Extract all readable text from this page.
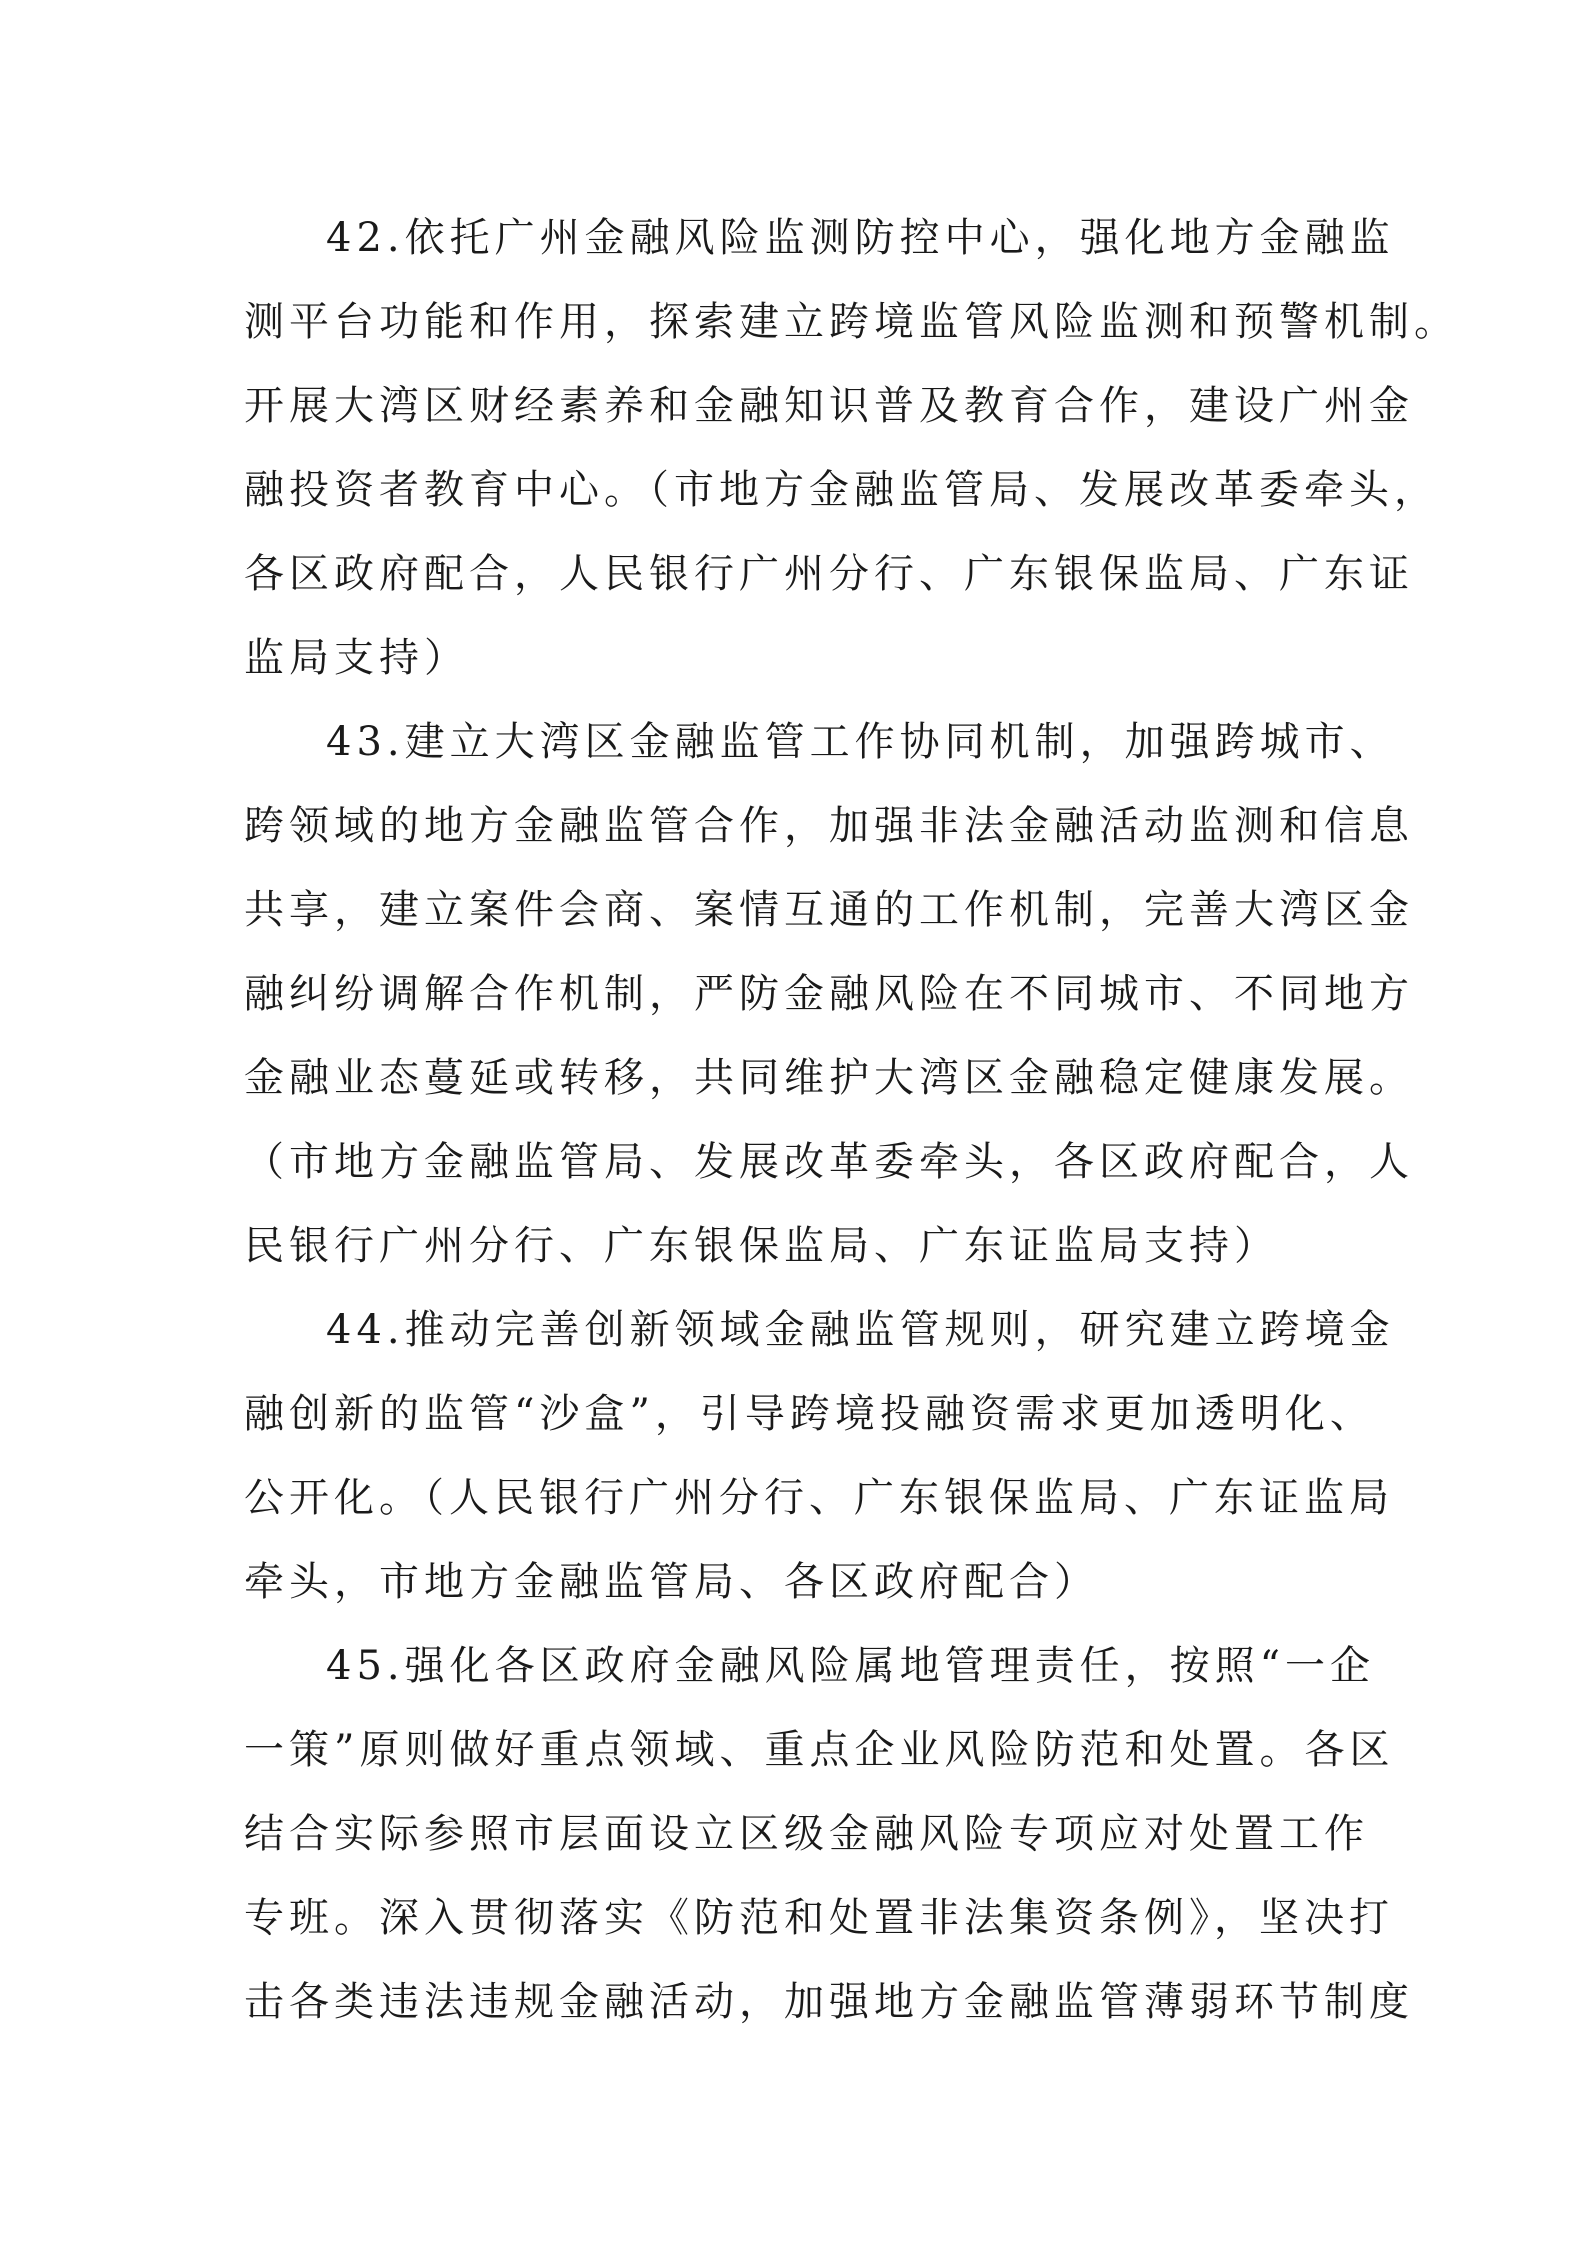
42.依托广州金融风险监测防控中心，强化地方金融监
测平台功能和作用，探索建立跨境监管风险监测和预警机制。
开展大湾区财经素养和金融知识普及教育合作，建设广州金
融投资者教育中心。（市地方金融监管局、发展改革委牵头，
各区政府配合，人民银行广州分行、广东银保监局、广东证
监局支持）
43.建立大湾区金融监管工作协同机制，加强跨城市、
跨领域的地方金融监管合作，加强非法金融活动监测和信息
共享，建立案件会商、案情互通的工作机制，完善大湾区金
融纠纷调解合作机制，严防金融风险在不同城市、不同地方
金融业态蔓延或转移，共同维护大湾区金融稳定健康发展。
（市地方金融监管局、发展改革委牵头，各区政府配合，人
民银行广州分行、广东银保监局、广东证监局支持）
44.推动完善创新领域金融监管规则，研究建立跨境金
融创新的监管“沙盒”，引导跨境投融资需求更加透明化、
公开化。（人民银行广州分行、广东银保监局、广东证监局
牵头，市地方金融监管局、各区政府配合）
45.强化各区政府金融风险属地管理责任，按照“一企
一策”原则做好重点领域、重点企业风险防范和处置。各区
结合实际参照市层面设立区级金融风险专项应对处置工作
专班。深入贯彻落实《防范和处置非法集资条例》，坚决打
击各类违法违规金融活动，加强地方金融监管薄弱环节制度
